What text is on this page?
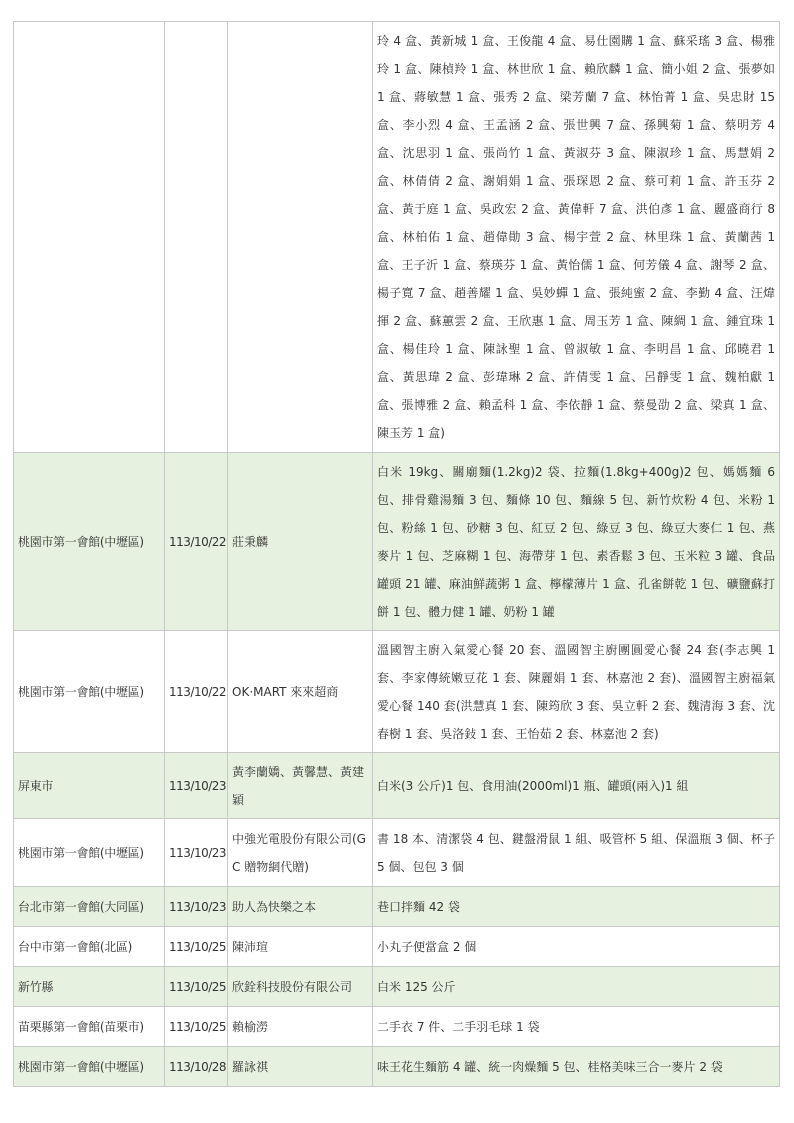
			玲 4 盒、黃新城 1 盒、王俊龍 4 盒、易仕園購 1 盒、蘇采瑤 3 盒、楊雅玲 1 盒、陳楨羚 1 盒、林世欣 1 盒、賴欣麟 1 盒、簡小姐 2 盒、張夢如 1 盒、蔣敏慧 1 盒、張秀 2 盒、梁芳蘭 7 盒、林怡菁 1 盒、吳忠財 15 盒、李小烈 4 盒、王孟涵 2 盒、張世興 7 盒、孫興菊 1 盒、蔡明芳 4 盒、沈思羽 1 盒、張尚竹 1 盒、黃淑芬 3 盒、陳淑珍 1 盒、馬慧娟 2 盒、林倩倩 2 盒、謝娟娟 1 盒、張琛恩 2 盒、蔡可莉 1 盒、許玉芬 2 盒、黃于庭 1 盒、吳政宏 2 盒、黃偉軒 7 盒、洪伯彥 1 盒、麗盛商行 8 盒、林柏佑 1 盒、趙偉勛 3 盒、楊宇萱 2 盒、林里珠 1 盒、黃蘭茜 1 盒、王子沂 1 盒、蔡瑛芬 1 盒、黃怡儒 1 盒、何芳儀 4 盒、謝琴 2 盒、楊子寬 7 盒、趙善耀 1 盒、吳妙蟬 1 盒、張純蜜 2 盒、李勤 4 盒、汪煒揮 2 盒、蘇蕙雲 2 盒、王欣惠 1 盒、周玉芳 1 盒、陳綢 1 盒、鍾宜珠 1 盒、楊佳玲 1 盒、陳詠聖 1 盒、曾淑敏 1 盒、李明昌 1 盒、邱曉君 1 盒、黃思瑋 2 盒、彭瑋琳 2 盒、許倩雯 1 盒、呂靜雯 1 盒、魏柏獻 1 盒、張博雅 2 盒、賴孟科 1 盒、李依靜 1 盒、蔡曼劭 2 盒、梁真 1 盒、陳玉芳 1 盒)
桃園市第一會館(中壢區)	113/10/22	莊秉麟	白米 19kg、關廟麵(1.2kg)2 袋、拉麵(1.8kg+400g)2 包、媽媽麵 6 包、排骨雞湯麵 3 包、麵條 10 包、麵線 5 包、新竹炊粉 4 包、米粉 1 包、粉絲 1 包、砂糖 3 包、紅豆 2 包、綠豆 3 包、綠豆大麥仁 1 包、燕麥片 1 包、芝麻糊 1 包、海帶芽 1 包、素香鬆 3 包、玉米粒 3 罐、食品罐頭 21 罐、麻油鮮蔬粥 1 盒、檸檬薄片 1 盒、孔雀餅乾 1 包、礦鹽蘇打餅 1 包、體力健 1 罐、奶粉 1 罐
桃園市第一會館(中壢區)	113/10/22	OK·MART 來來超商	溫國智主廚入氣愛心餐 20 套、溫國智主廚團圓愛心餐 24 套(李志興 1 套、李家傳統嫩豆花 1 套、陳麗娟 1 套、林嘉池 2 套)、溫國智主廚福氣愛心餐 140 套(洪慧真 1 套、陳筠欣 3 套、吳立軒 2 套、魏清海 3 套、沈春樹 1 套、吳洛鈙 1 套、王怡茹 2 套、林嘉池 2 套)
屏東市	113/10/23	黃李蘭嬌、黃馨慧、黃建穎	白米(3 公斤)1 包、食用油(2000ml)1 瓶、罐頭(兩入)1 組
桃園市第一會館(中壢區)	113/10/23	中強光電股份有限公司(GC 贈物網代贈)	書 18 本、清潔袋 4 包、鍵盤滑鼠 1 組、吸管杯 5 組、保溫瓶 3 個、杯子 5 個、包包 3 個
台北市第一會館(大同區)	113/10/23	助人為快樂之本	巷口拌麵 42 袋
台中市第一會館(北區)	113/10/25	陳沛瑄	小丸子便當盒 2 個
新竹縣	113/10/25	欣銓科技股份有限公司	白米 125 公斤
苗栗縣第一會館(苗栗市)	113/10/25	賴榆澇	二手衣 7 件、二手羽毛球 1 袋
桃園市第一會館(中壢區)	113/10/28	羅詠祺	味王花生麵筋 4 罐、統一肉燥麵 5 包、桂格美味三合一麥片 2 袋
